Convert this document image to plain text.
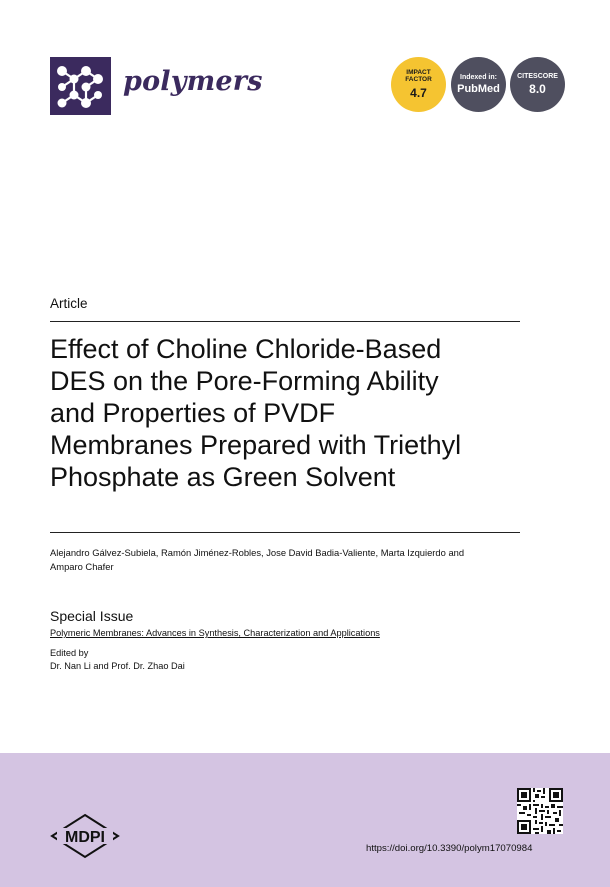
polymers	IMPACT
FACTOR
4.7
Indexed in:
PubMed
CITESCORE
8.0
Article
Effect of Choline Chloride-Based
DES on the Pore-Forming Ability
and Properties of PVDF
Membranes Prepared with Triethyl
Phosphate as Green Solvent
Alejandro Gálvez-Subiela, Ramón Jiménez-Robles, Jose David Badia-Valiente, Marta Izquierdo and
Amparo Chafer
Special Issue
Polymeric Membranes: Advances in Synthesis, Characterization and Applications
Edited by
Dr. Nan Li and Prof. Dr. Zhao Dai
MDPI
https://doi.org/10.3390/polym17070984
